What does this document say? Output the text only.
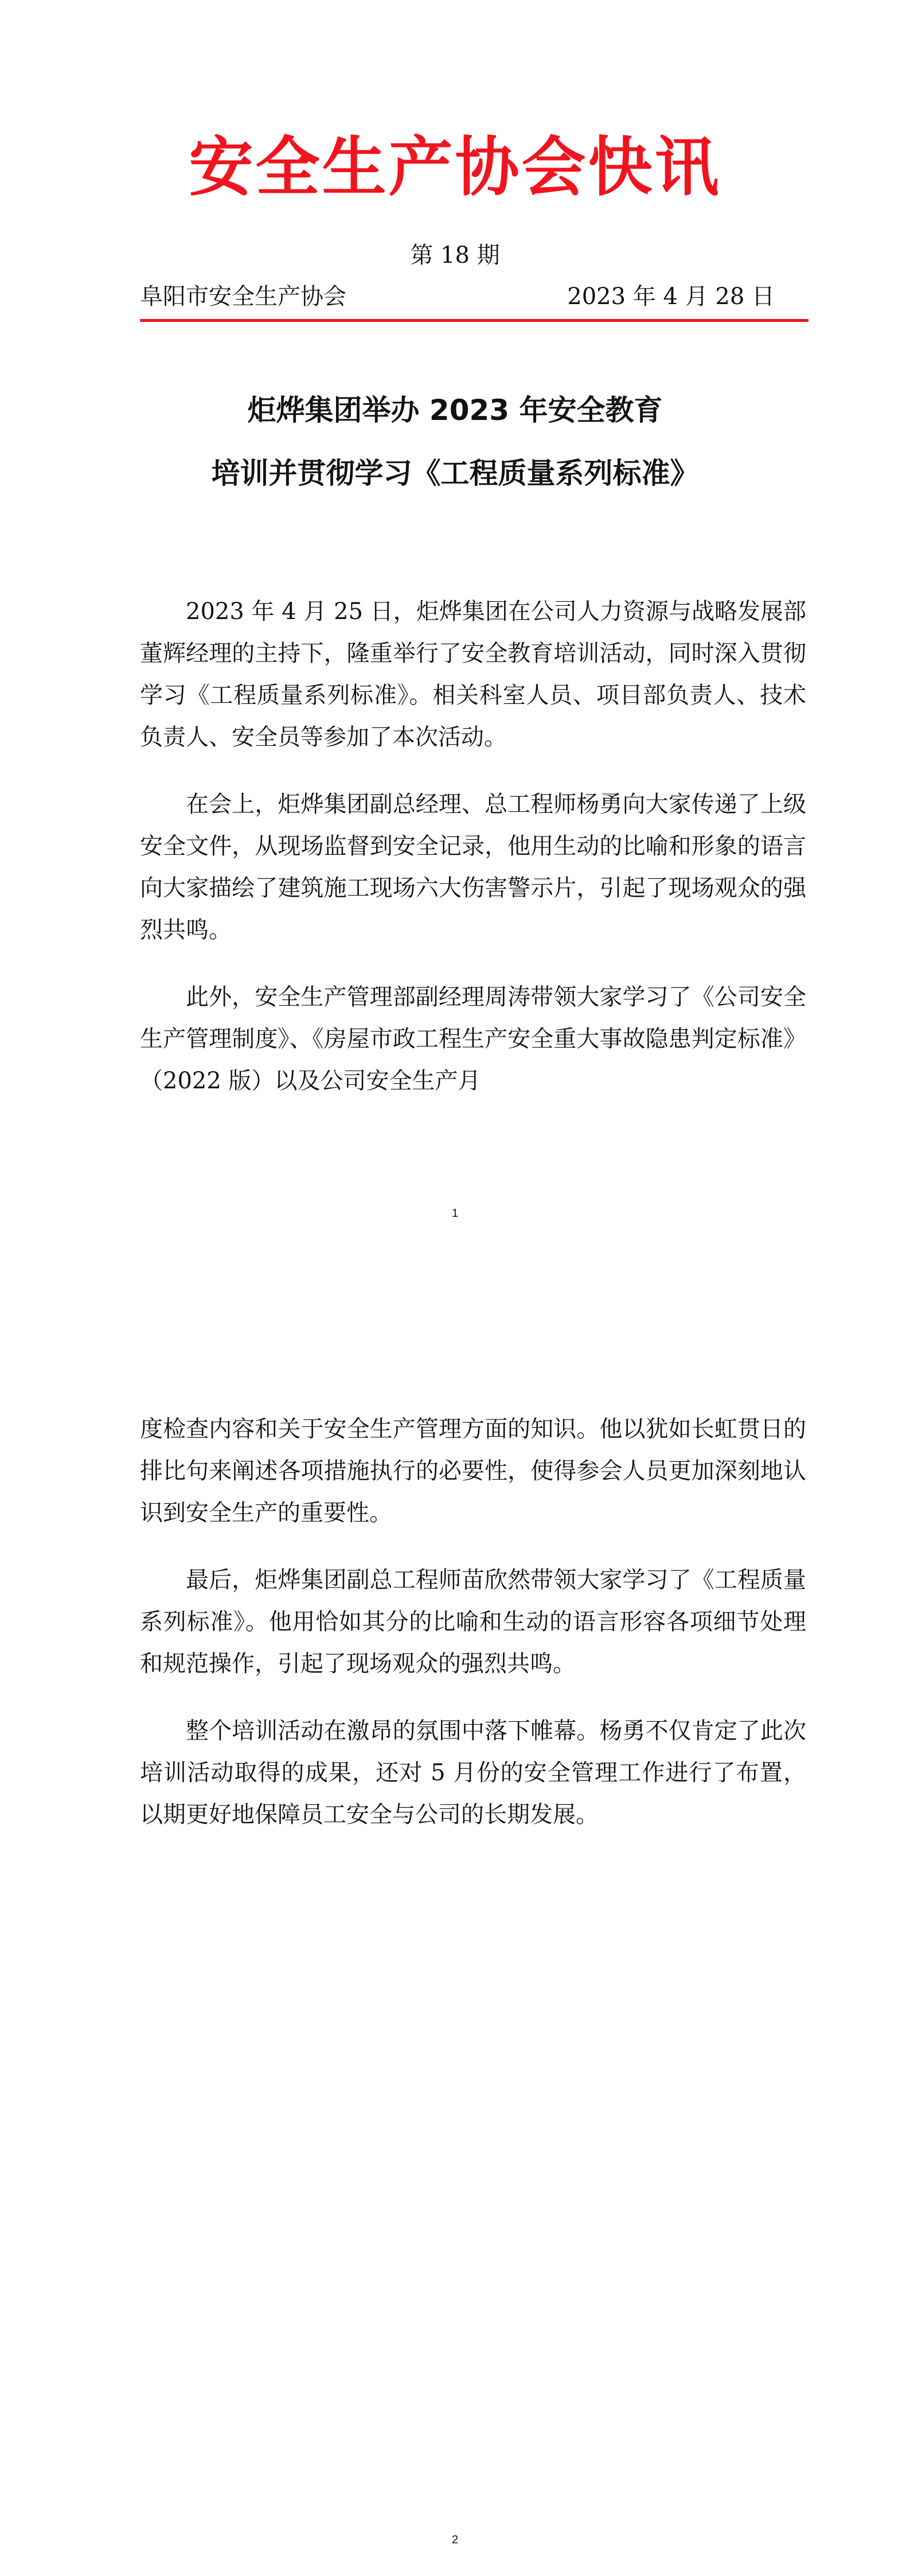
安全生产协会快讯
第 18 期
阜阳市安全生产协会	2023 年 4 月 28 日
炬烨集团举办 2023 年安全教育
培训并贯彻学习《工程质量系列标准》

2023 年 4 月 25 日，炬烨集团在公司人力资源与战略发展部董辉经理的主持下，隆重举行了安全教育培训活动，同时深入贯彻学习《工程质量系列标准》。相关科室人员、项目部负责人、技术负责人、安全员等参加了本次活动。

在会上，炬烨集团副总经理、总工程师杨勇向大家传递了上级安全文件，从现场监督到安全记录，他用生动的比喻和形象的语言向大家描绘了建筑施工现场六大伤害警示片，引起了现场观众的强烈共鸣。

此外，安全生产管理部副经理周涛带领大家学习了《公司安全生产管理制度》、《房屋市政工程生产安全重大事故隐患判定标准》（2022 版）以及公司安全生产月

1

度检查内容和关于安全生产管理方面的知识。他以犹如长虹贯日的排比句来阐述各项措施执行的必要性，使得参会人员更加深刻地认识到安全生产的重要性。

最后，炬烨集团副总工程师苗欣然带领大家学习了《工程质量系列标准》。他用恰如其分的比喻和生动的语言形容各项细节处理和规范操作，引起了现场观众的强烈共鸣。

整个培训活动在激昂的氛围中落下帷幕。杨勇不仅肯定了此次培训活动取得的成果，还对 5 月份的安全管理工作进行了布置，以期更好地保障员工安全与公司的长期发展。

2
